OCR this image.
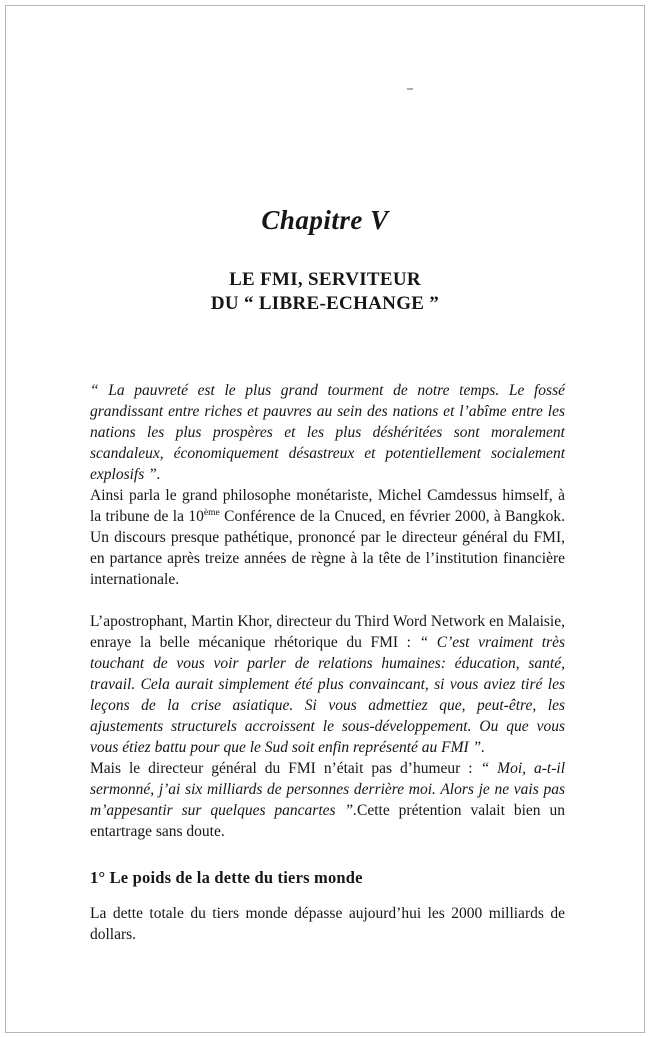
Chapitre V
LE FMI, SERVITEUR
DU “ LIBRE-ECHANGE ”

“ La pauvreté est le plus grand tourment de notre temps. Le fossé grandissant entre riches et pauvres au sein des nations et l’abîme entre les nations les plus prospères et les plus déshéritées sont moralement scandaleux, économiquement désastreux et potentiellement socialement explosifs ”.

Ainsi parla le grand philosophe monétariste, Michel Camdessus himself, à la tribune de la 10ème Conférence de la Cnuced, en février 2000, à Bangkok. Un discours presque pathétique, prononcé par le directeur général du FMI, en partance après treize années de règne à la tête de l’institution financière internationale.

L’apostrophant, Martin Khor, directeur du Third Word Network en Malaisie, enraye la belle mécanique rhétorique du FMI : “ C’est vraiment très touchant de vous voir parler de relations humaines: éducation, santé, travail. Cela aurait simplement été plus convaincant, si vous aviez tiré les leçons de la crise asiatique. Si vous admettiez que, peut-être, les ajustements structurels accroissent le sous-développement. Ou que vous vous étiez battu pour que le Sud soit enfin représenté au FMI ”.

Mais le directeur général du FMI n’était pas d’humeur : “ Moi, a-t-il sermonné, j’ai six milliards de personnes derrière moi. Alors je ne vais pas m’appesantir sur quelques pancartes ”.Cette prétention valait bien un entartrage sans doute.

1° Le poids de la dette du tiers monde

La dette totale du tiers monde dépasse aujourd’hui les 2000 milliards de dollars.
